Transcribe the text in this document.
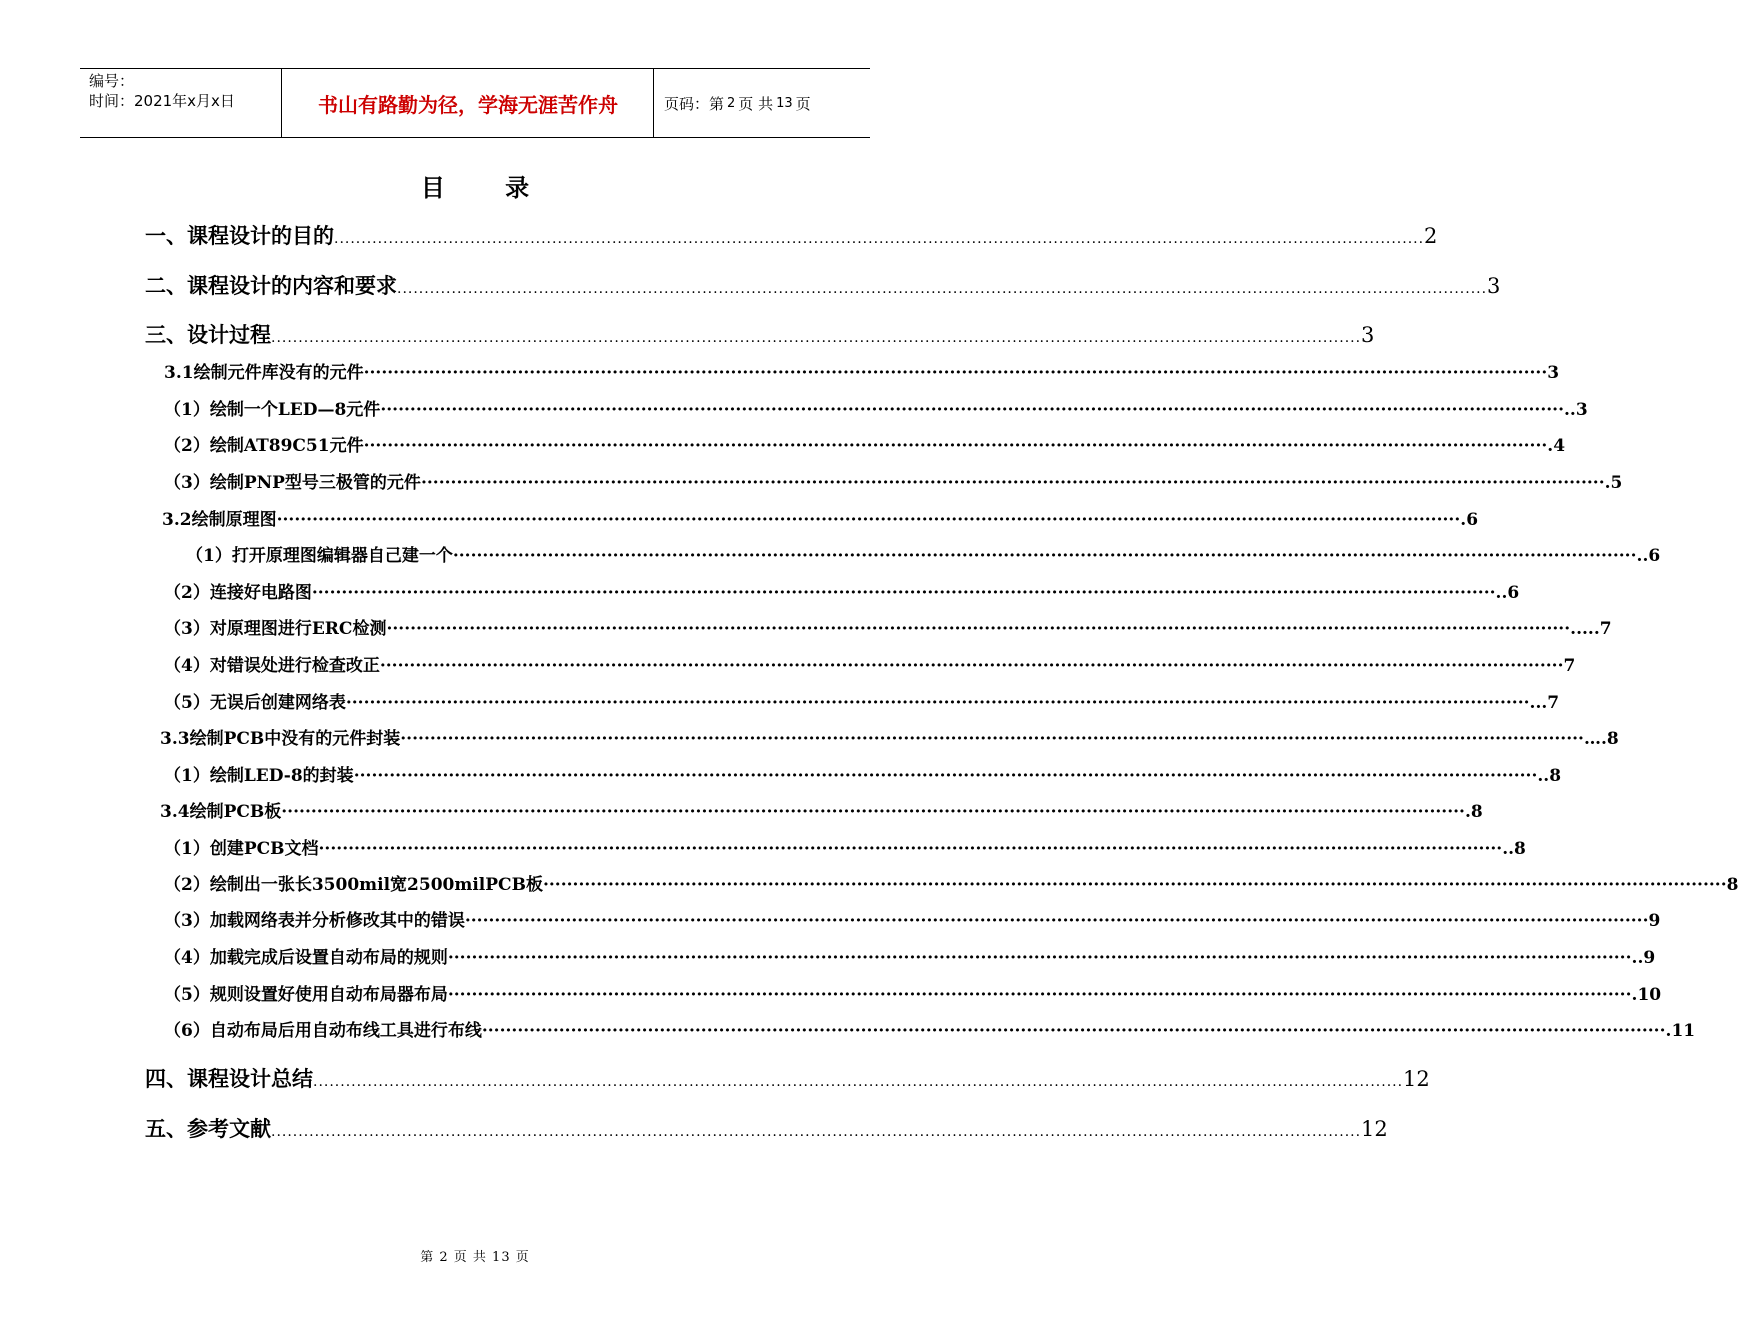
编号：
时间：2021年x月x日	书山有路勤为径，学海无涯苦作舟	页码：第 2 页 共 13 页
目 录
一、课程设计的目的 ........................................................................................................................................................................................................ 2
二、课程设计的内容和要求 ........................................................................................................................................................................................................ 3
三、设计过程 ........................................................................................................................................................................................................ 3
3.1绘制元件库没有的元件 ········································································································································································································ 3
（1）绘制一个LED—8元件 ········································································································································································································ ..3
（2）绘制AT89C51元件 ········································································································································································································ .4
（3）绘制PNP型号三极管的元件 ········································································································································································································ .5
3.2绘制原理图 ········································································································································································································ .6
（1）打开原理图编辑器自己建一个 ········································································································································································································ ..6
（2）连接好电路图 ········································································································································································································ ..6
（3）对原理图进行ERC检测 ········································································································································································································ .....7
（4）对错误处进行检查改正 ········································································································································································································ 7
（5）无误后创建网络表 ········································································································································································································ ...7
3.3绘制PCB中没有的元件封装 ········································································································································································································ ….8
（1）绘制LED-8的封装 ········································································································································································································ ..8
3.4绘制PCB板 ········································································································································································································ .8
（1）创建PCB文档 ········································································································································································································ ..8
（2）绘制出一张长3500mil宽2500milPCB板 ········································································································································································································ 8
（3）加载网络表并分析修改其中的错误 ········································································································································································································ 9
（4）加载完成后设置自动布局的规则 ········································································································································································································ ..9
（5）规则设置好使用自动布局器布局 ········································································································································································································ .10
（6）自动布局后用自动布线工具进行布线 ········································································································································································································ .11
四、课程设计总结 ........................................................................................................................................................................................................ 12
五、参考文献 ........................................................................................................................................................................................................ 12
第 2 页 共 13 页
